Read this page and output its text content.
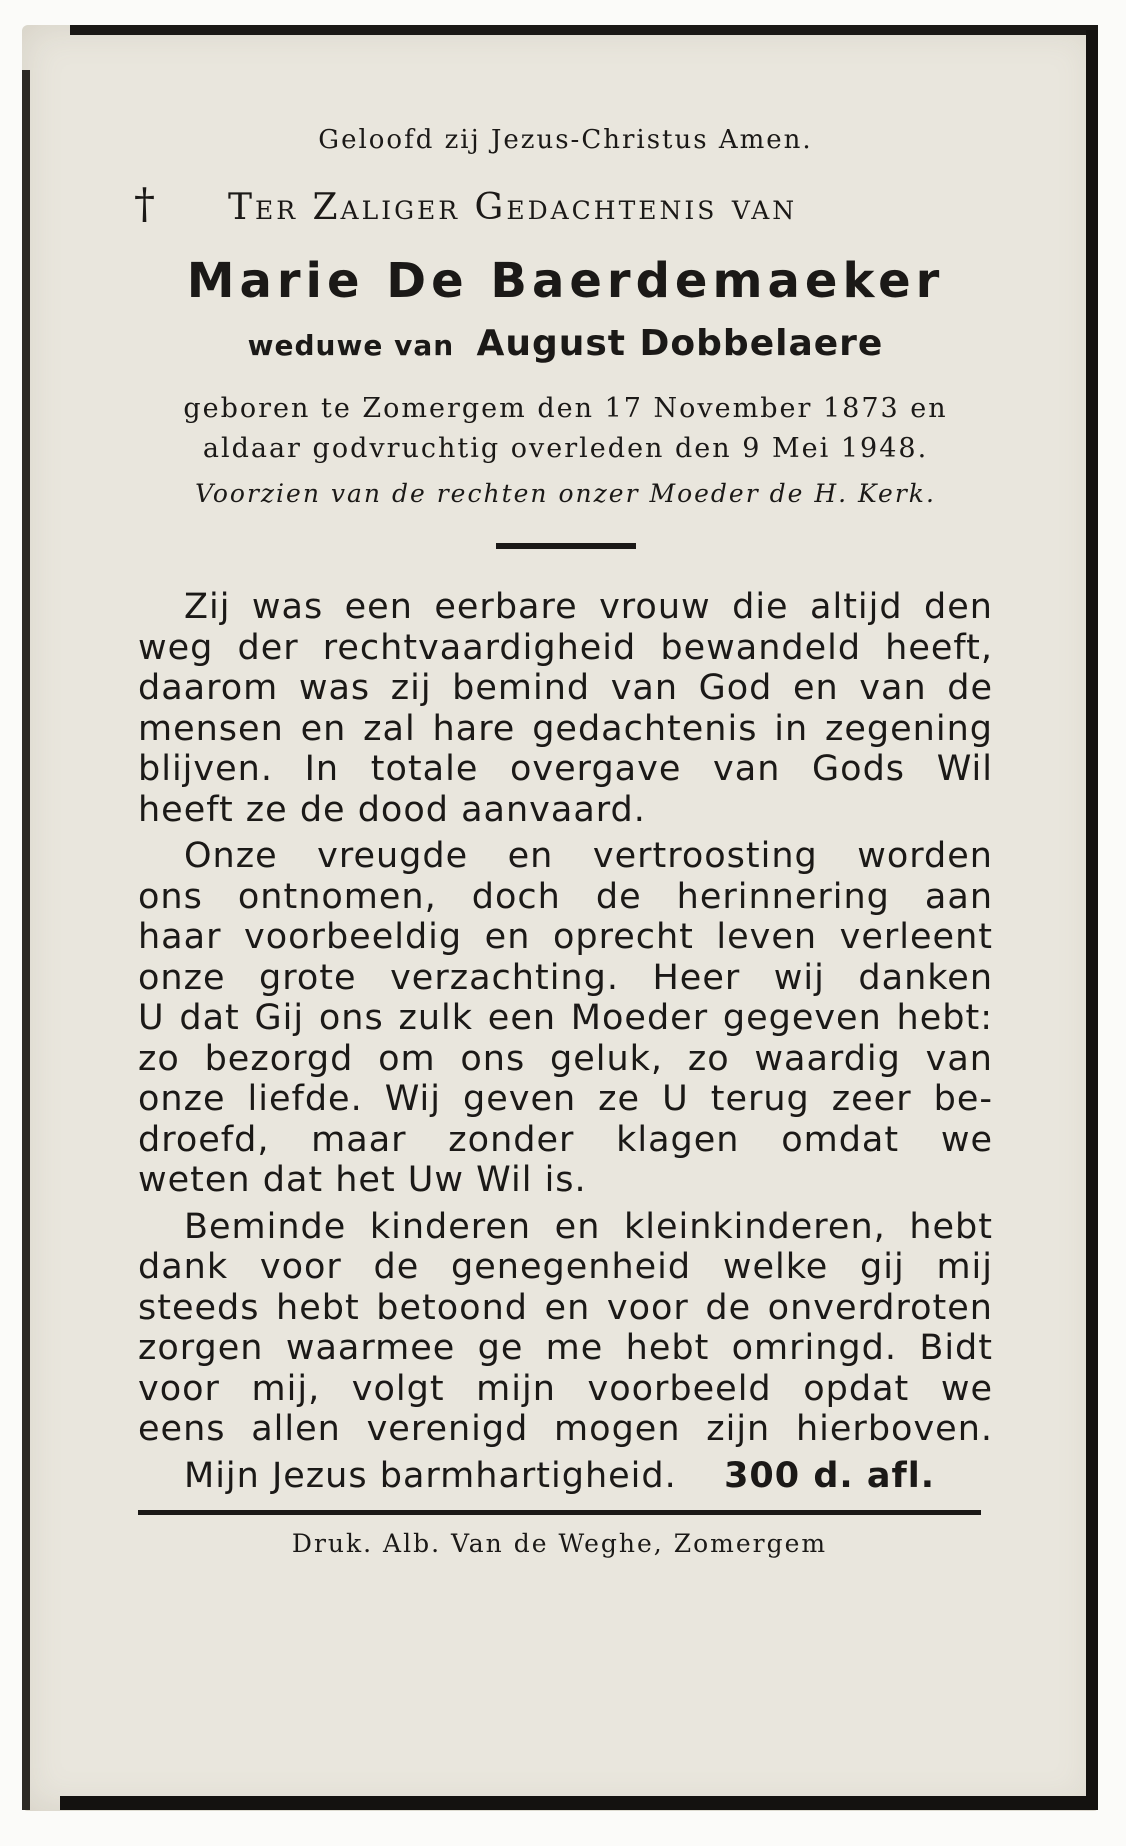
Geloofd zij Jezus-Christus Amen.
† Ter Zaliger Gedachtenis van
Marie De Baerdemaeker
weduwe van August Dobbelaere
geboren te Zomergem den 17 November 1873 en
aldaar godvruchtig overleden den 9 Mei 1948.
Voorzien van de rechten onzer Moeder de H. Kerk.
Zij was een eerbare vrouw die altijd den
weg der rechtvaardigheid bewandeld heeft,
daarom was zij bemind van God en van de
mensen en zal hare gedachtenis in zegening
blijven. In totale overgave van Gods Wil
heeft ze de dood aanvaard.
Onze vreugde en vertroosting worden
ons ontnomen, doch de herinnering aan
haar voorbeeldig en oprecht leven verleent
onze grote verzachting. Heer wij danken
U dat Gij ons zulk een Moeder gegeven hebt:
zo bezorgd om ons geluk, zo waardig van
onze liefde. Wij geven ze U terug zeer be-
droefd, maar zonder klagen omdat we
weten dat het Uw Wil is.
Beminde kinderen en kleinkinderen, hebt
dank voor de genegenheid welke gij mij
steeds hebt betoond en voor de onverdroten
zorgen waarmee ge me hebt omringd. Bidt
voor mij, volgt mijn voorbeeld opdat we
eens allen verenigd mogen zijn hierboven.
Mijn Jezus barmhartigheid. 300 d. afl.
Druk. Alb. Van de Weghe, Zomergem
